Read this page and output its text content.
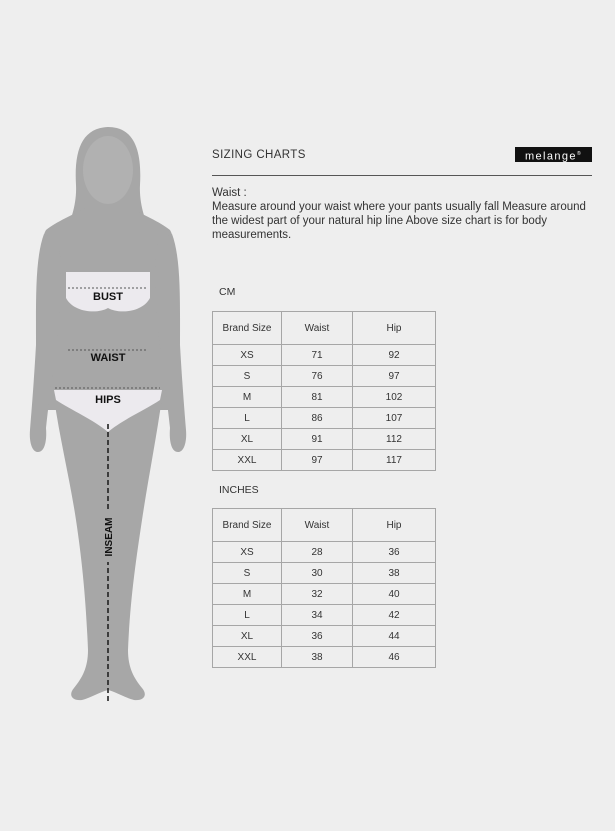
BUST
WAIST
HIPS
INSEAM
SIZING CHARTS	melange®

Waist :

Measure around your waist where your pants usually fall Measure around the widest part of your natural hip line Above size chart is for body measurements.

CM
Brand Size	Waist	Hip
XS	71	92
S	76	97
M	81	102
L	86	107
XL	91	112
XXL	97	117
INCHES
Brand Size	Waist	Hip
XS	28	36
S	30	38
M	32	40
L	34	42
XL	36	44
XXL	38	46
